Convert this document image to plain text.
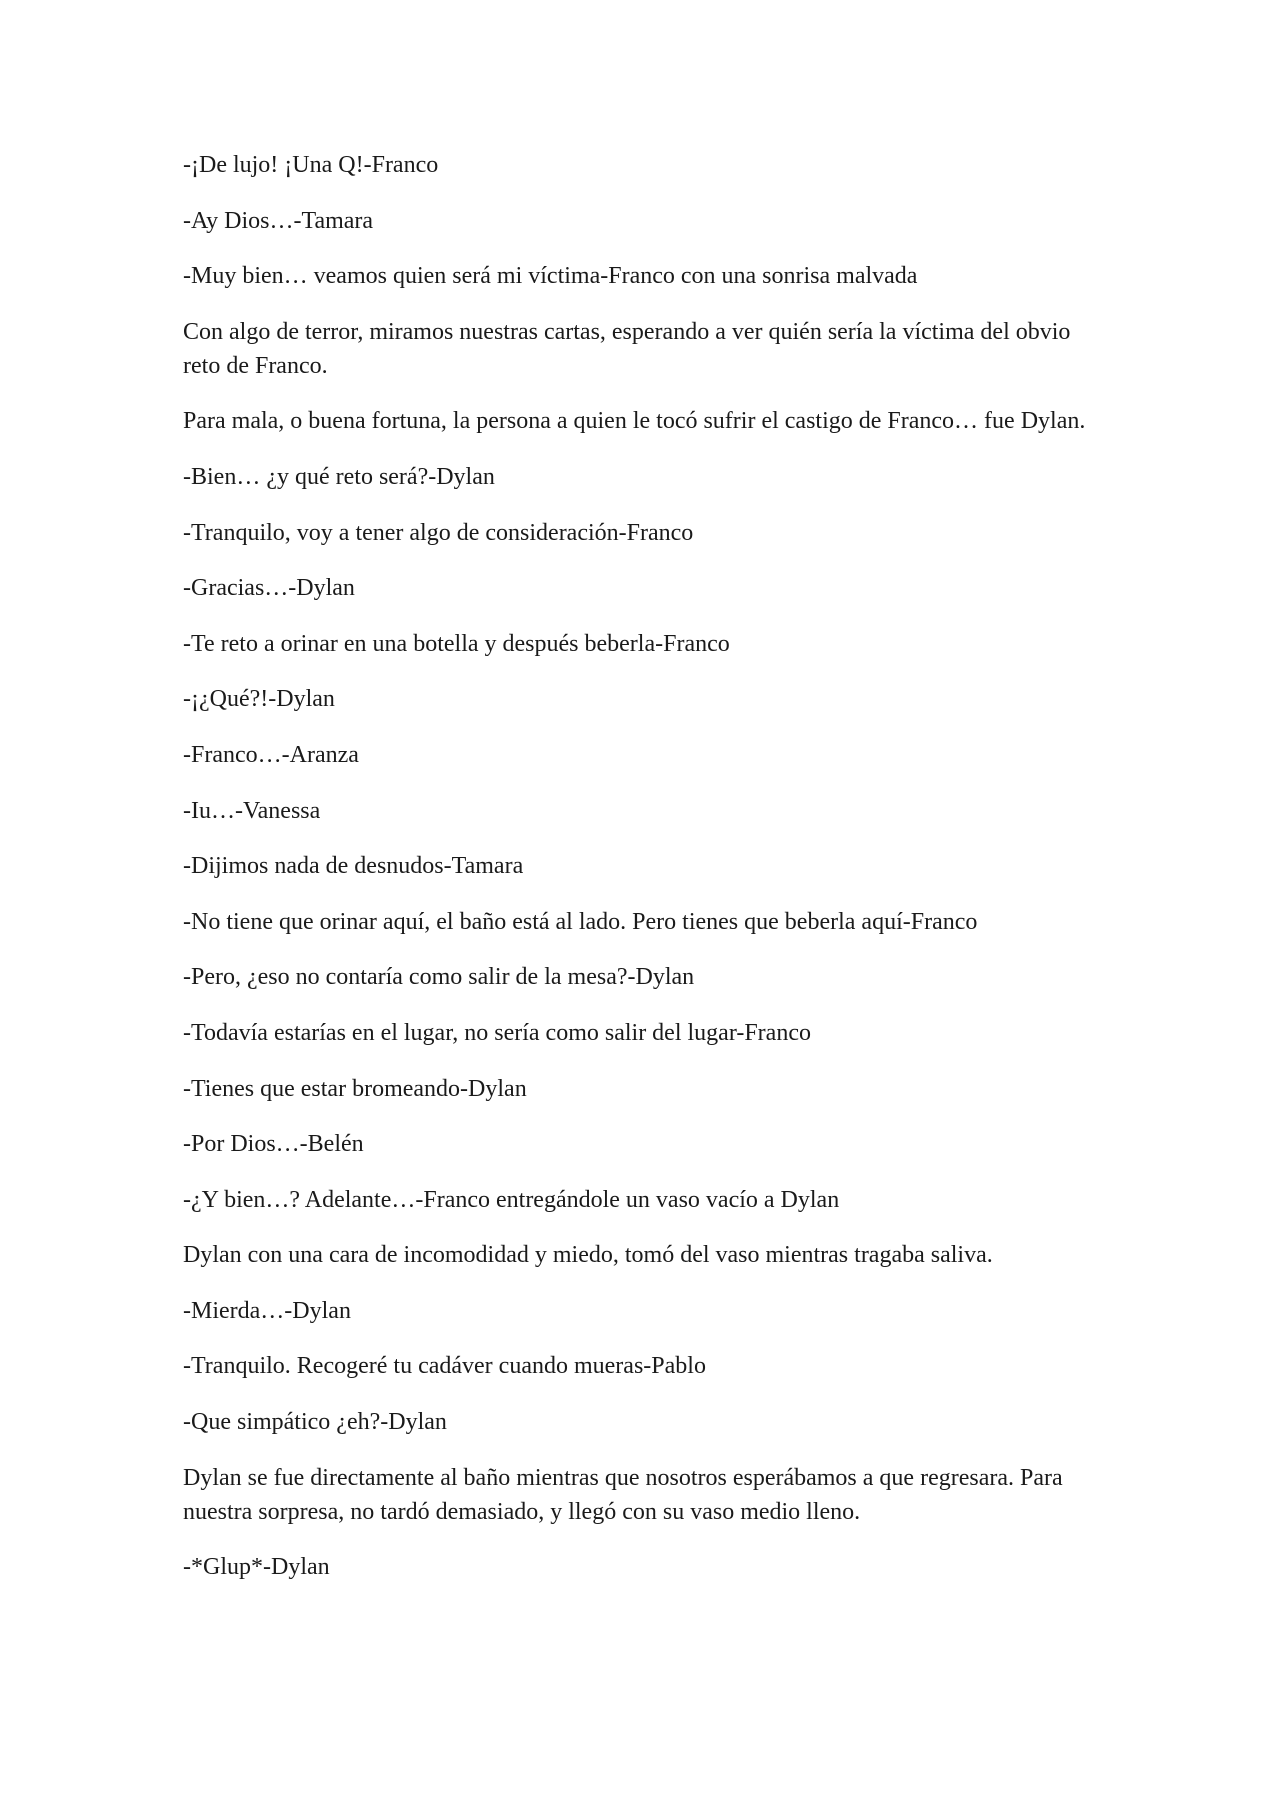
-¡De lujo! ¡Una Q!-Franco

-Ay Dios…-Tamara

-Muy bien… veamos quien será mi víctima-Franco con una sonrisa malvada

Con algo de terror, miramos nuestras cartas, esperando a ver quién sería la víctima del obvio reto de Franco.

Para mala, o buena fortuna, la persona a quien le tocó sufrir el castigo de Franco… fue Dylan.

-Bien… ¿y qué reto será?-Dylan

-Tranquilo, voy a tener algo de consideración-Franco

-Gracias…-Dylan

-Te reto a orinar en una botella y después beberla-Franco

-¡¿Qué?!-Dylan

-Franco…-Aranza

-Iu…-Vanessa

-Dijimos nada de desnudos-Tamara

-No tiene que orinar aquí, el baño está al lado. Pero tienes que beberla aquí-Franco

-Pero, ¿eso no contaría como salir de la mesa?-Dylan

-Todavía estarías en el lugar, no sería como salir del lugar-Franco

-Tienes que estar bromeando-Dylan

-Por Dios…-Belén

-¿Y bien…? Adelante…-Franco entregándole un vaso vacío a Dylan

Dylan con una cara de incomodidad y miedo, tomó del vaso mientras tragaba saliva.

-Mierda…-Dylan

-Tranquilo. Recogeré tu cadáver cuando mueras-Pablo

-Que simpático ¿eh?-Dylan

Dylan se fue directamente al baño mientras que nosotros esperábamos a que regresara. Para nuestra sorpresa, no tardó demasiado, y llegó con su vaso medio lleno.

-*Glup*-Dylan
